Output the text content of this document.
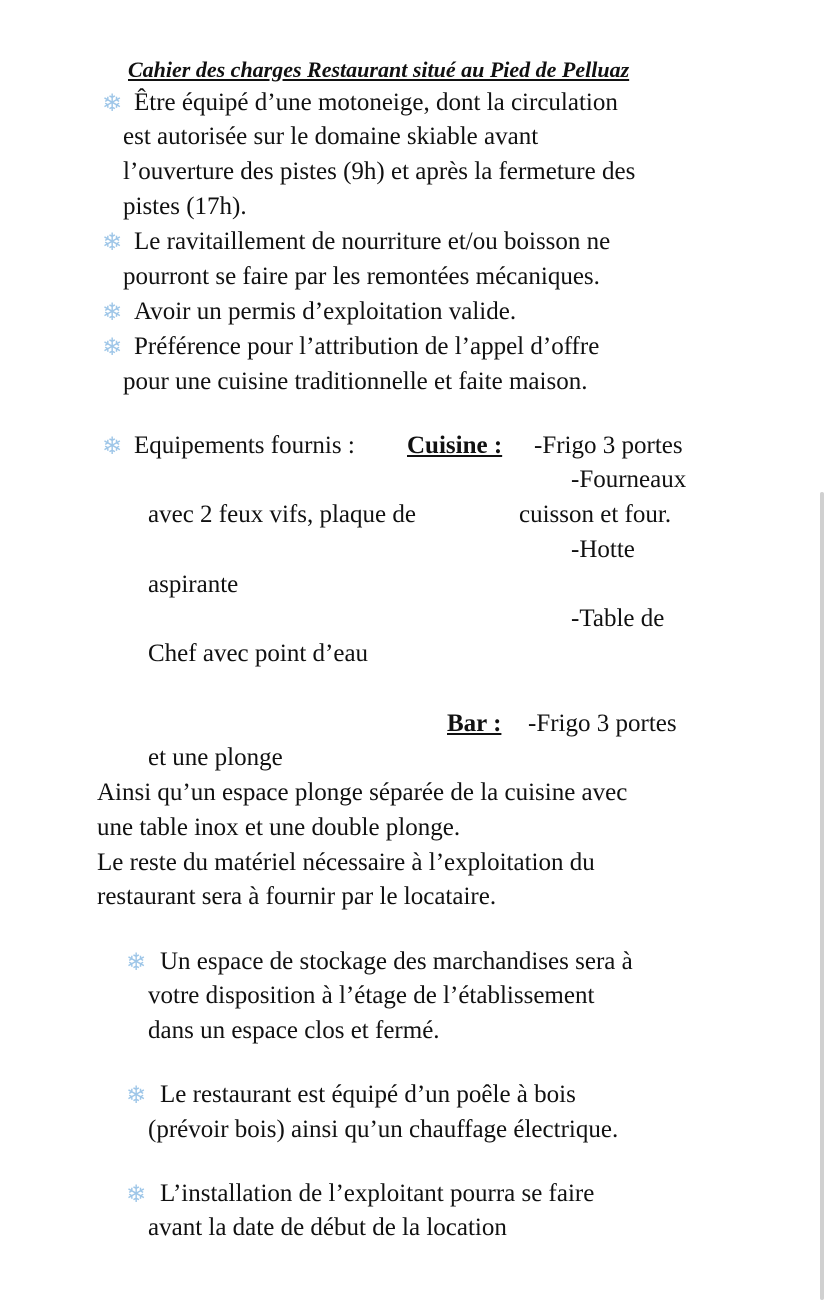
Cahier des charges Restaurant situé au Pied de Pelluaz
❄ Être équipé d’une motoneige, dont la circulation
est autorisée sur le domaine skiable avant
l’ouverture des pistes (9h) et après la fermeture des
pistes (17h).
❄ Le ravitaillement de nourriture et/ou boisson ne
pourront se faire par les remontées mécaniques.
❄ Avoir un permis d’exploitation valide.
❄ Préférence pour l’attribution de l’appel d’offre
pour une cuisine traditionnelle et faite maison.
❄ Equipements fournis : Cuisine : -Frigo 3 portes
-Fourneaux
avec 2 feux vifs, plaque de	cuisson et four.
-Hotte
aspirante
-Table de
Chef avec point d’eau
Bar : -Frigo 3 portes
et une plonge
Ainsi qu’un espace plonge séparée de la cuisine avec
une table inox et une double plonge.
Le reste du matériel nécessaire à l’exploitation du
restaurant sera à fournir par le locataire.
❄ Un espace de stockage des marchandises sera à
votre disposition à l’étage de l’établissement
dans un espace clos et fermé.
❄ Le restaurant est équipé d’un poêle à bois
(prévoir bois) ainsi qu’un chauffage électrique.
❄ L’installation de l’exploitant pourra se faire
avant la date de début de la location
